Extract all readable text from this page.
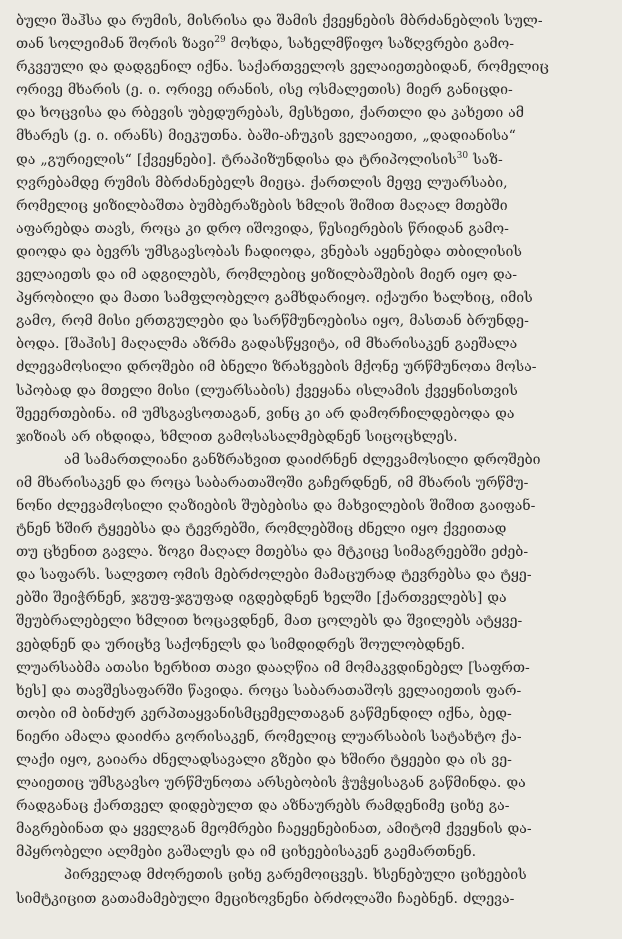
ბული შაჰსა და რუმის, მისრისა და შამის ქვეყნების მბრძანებლის სულ-
თან სოლეიმან შორის ზავი$^{29}$ მოხდა, სახელმწიფო საზღვრები გამო-
რკვეული და დადგენილ იქნა. საქართველოს ველაიეთებიდან, რომელიც
ორივე მხარის (ე. ი. ორივე ირანის, ისე ოსმალეთის) მიერ განიცდი-
და ხოცვისა და რბევის უბედურებას, მესხეთი, ქართლი და კახეთი ამ
მხარეს (ე. ი. ირანს) მიეკუთნა. ბაში-აჩუკის ველაიეთი, „დადიანისა“
და „გურიელის“ [ქვეყნები]. ტრაპიზუნდისა და ტრიპოლისის$^{30}$ საზ-
ღვრებამდე რუმის მბრძანებელს მიეცა. ქართლის მეფე ლუარსაბი,
რომელიც ყიზილბაშთა ბუმბერაზების ხმლის შიშით მაღალ მთებში
აფარებდა თავს, როცა კი დრო იშოვიდა, წესიერების წრიდან გამო-
დიოდა და ბევრს უმსგავსობას ჩადიოდა, ვნებას აყენებდა თბილისის
ველაიეთს და იმ ადგილებს, რომლებიც ყიზილბაშების მიერ იყო და-
პყრობილი და მათი სამფლობელო გამხდარიყო. იქაური ხალხიც, იმის
გამო, რომ მისი ერთგულები და სარწმუნოებისა იყო, მასთან ბრუნდე-
ბოდა. [შაჰის] მაღალმა აზრმა გადასწყვიტა, იმ მხარისაკენ გაეშალა
ძლევამოსილი დროშები იმ ბნელი ზრახვების მქონე ურწმუნოთა მოსა-
სპობად და მთელი მისი (ლუარსაბის) ქვეყანა ისლამის ქვეყნისთვის
შეეერთებინა. იმ უმსგავსოთაგან, ვინც კი არ დამორჩილდებოდა და
ჯიზიას არ იხდიდა, ხმლით გამოსასალმებდნენ სიცოცხლეს.

ამ სამართლიანი განზრახვით დაიძრნენ ძლევამოსილი დროშები
იმ მხარისაკენ და როცა საბარათაშოში გაჩერდნენ, იმ მხარის ურწმუ-
ნონი ძლევამოსილი ღაზიების შუბებისა და მახვილების შიშით გაიფან-
ტნენ ხშირ ტყეებსა და ტევრებში, რომლებშიც ძნელი იყო ქვეითად
თუ ცხენით გავლა. ზოგი მაღალ მთებსა და მტკიცე სიმაგრეებში ეძებ-
და საფარს. სალვთო ომის მებრძოლები მამაცურად ტევრებსა და ტყე-
ებში შეიჭრნენ, ჯგუფ-ჯგუფად იგდებდნენ ხელში [ქართველებს] და
შეუბრალებელი ხმლით ხოცავდნენ, მათ ცოლებს და შვილებს ატყვე-
ვებდნენ და ურიცხვ საქონელს და სიმდიდრეს შოულობდნენ.
ლუარსაბმა ათასი ხერხით თავი დააღწია იმ მომაკვდინებელ [საფრთ-
ხეს] და თავშესაფარში წავიდა. როცა საბარათაშოს ველაიეთის ფარ-
თობი იმ ბინძურ კერპთაყვანისმცემელთაგან გაწმენდილ იქნა, ბედ-
ნიერი ამალა დაიძრა გორისაკენ, რომელიც ლუარსაბის სატახტო ქა-
ლაქი იყო, გაიარა ძნელადსავალი გზები და ხშირი ტყეები და ის ვე-
ლაიეთიც უმსგავსო ურწმუნოთა არსებობის ჭუჭყისაგან გაწმინდა. და
რადგანაც ქართველ დიდებულთ და აზნაურებს რამდენიმე ციხე გა-
მაგრებინათ და ყველგან მეომრები ჩაეყენებინათ, ამიტომ ქვეყნის და-
მპყრობელი ალმები გაშალეს და იმ ციხეებისაკენ გაემართნენ.

პირველად მძორეთის ციხე გარემოიცვეს. ხსენებული ციხეების
სიმტკიცით გათამამებული მეციხოვნენი ბრძოლაში ჩაებნენ. ძლევა-
